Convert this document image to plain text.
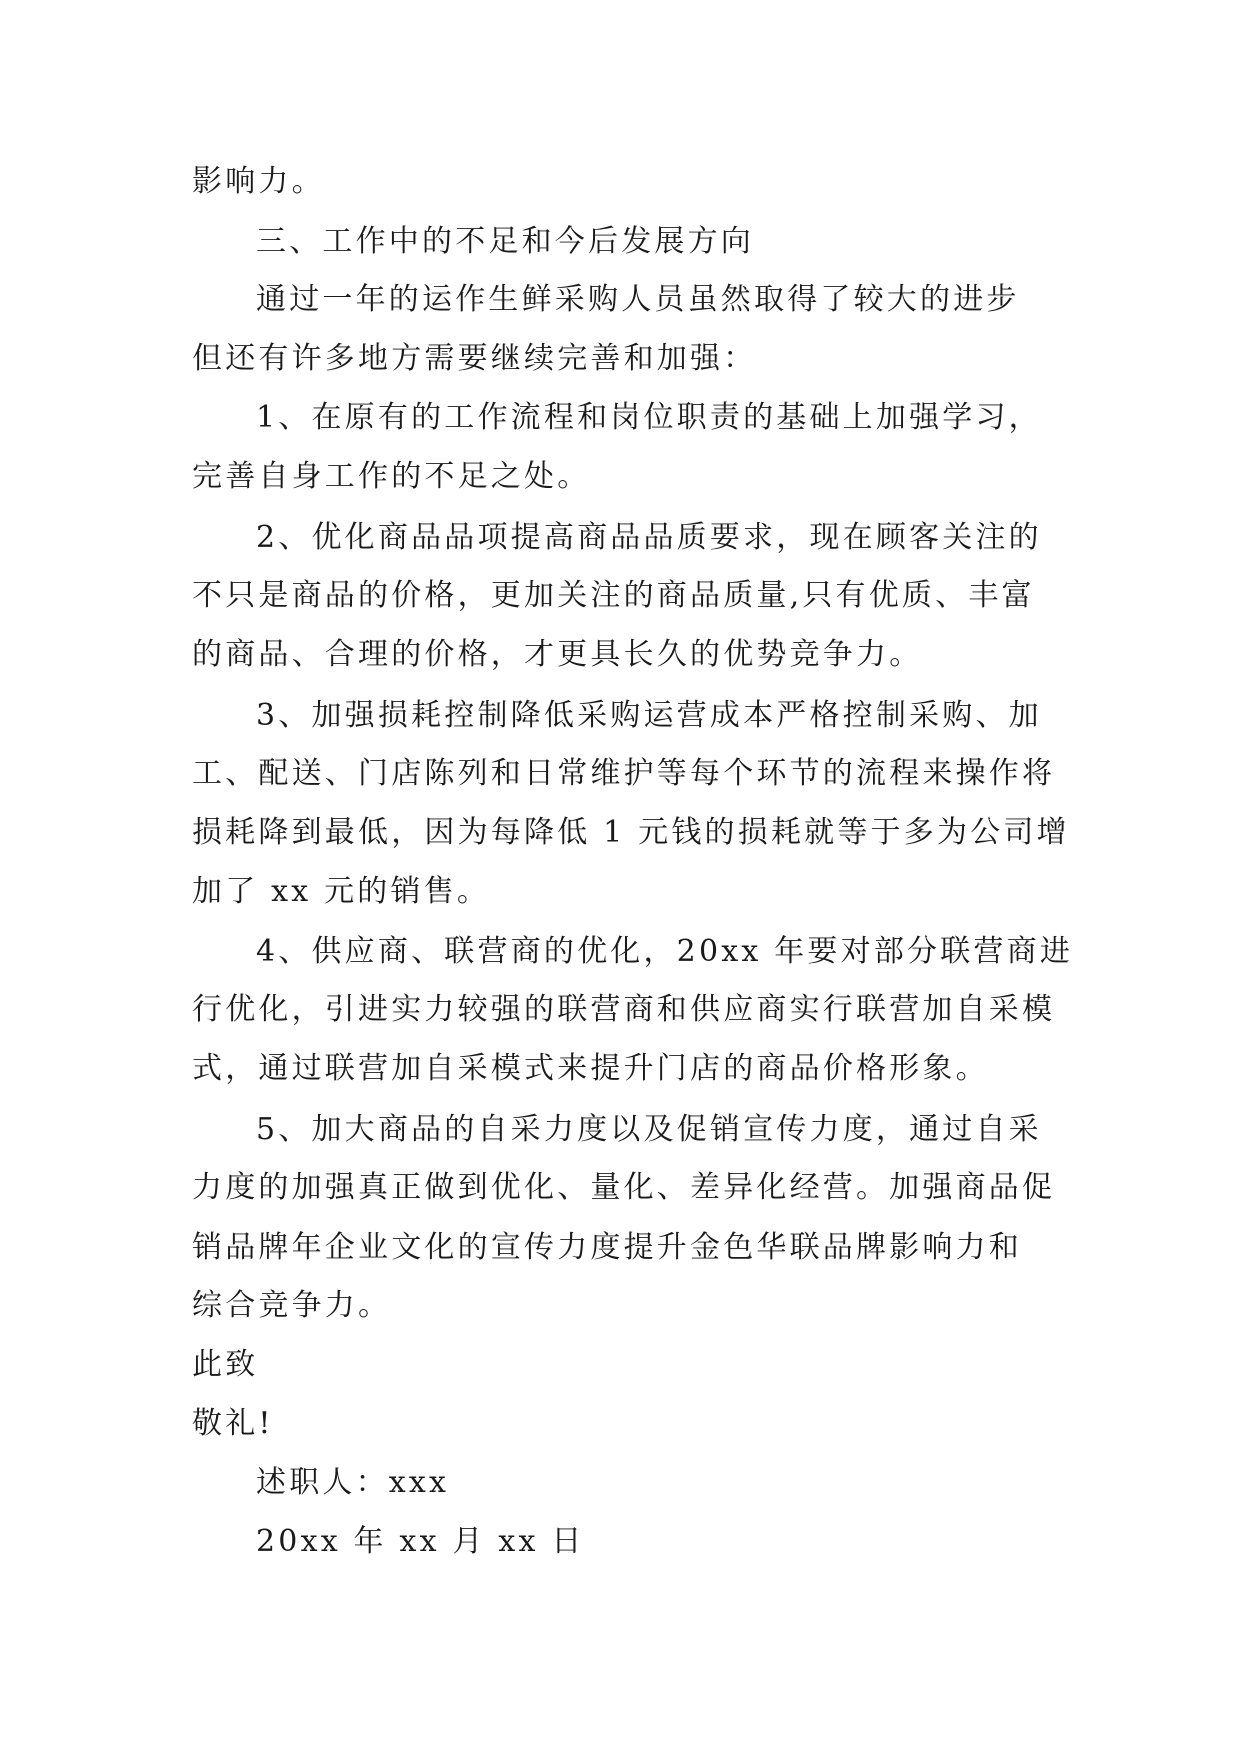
影响力。
三、工作中的不足和今后发展方向
通过一年的运作生鲜采购人员虽然取得了较大的进步
但还有许多地方需要继续完善和加强：
1、在原有的工作流程和岗位职责的基础上加强学习，
完善自身工作的不足之处。
2、优化商品品项提高商品品质要求，现在顾客关注的
不只是商品的价格，更加关注的商品质量,只有优质、丰富
的商品、合理的价格，才更具长久的优势竞争力。
3、加强损耗控制降低采购运营成本严格控制采购、加
工、配送、门店陈列和日常维护等每个环节的流程来操作将
损耗降到最低，因为每降低 1 元钱的损耗就等于多为公司增
加了 xx 元的销售。
4、供应商、联营商的优化，20xx 年要对部分联营商进
行优化，引进实力较强的联营商和供应商实行联营加自采模
式，通过联营加自采模式来提升门店的商品价格形象。
5、加大商品的自采力度以及促销宣传力度，通过自采
力度的加强真正做到优化、量化、差异化经营。加强商品促
销品牌年企业文化的宣传力度提升金色华联品牌影响力和
综合竞争力。
此致
敬礼!
述职人：xxx
20xx 年 xx 月 xx 日
